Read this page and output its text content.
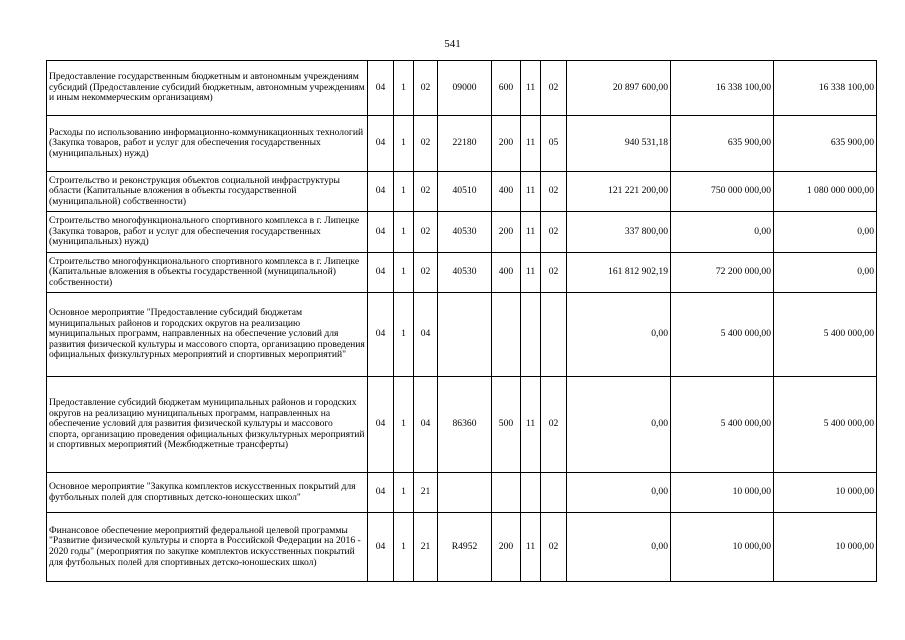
541
Предоставление государственным бюджетным и автономным учреждениям субсидий (Предоставление субсидий бюджетным, автономным учреждениям и иным некоммерческим организациям)	04	1	02	09000	600	11	02	20 897 600,00	16 338 100,00	16 338 100,00
Расходы по использованию информационно-коммуникационных технологий (Закупка товаров, работ и услуг для обеспечения государственных (муниципальных) нужд)	04	1	02	22180	200	11	05	940 531,18	635 900,00	635 900,00
Строительство и реконструкция объектов социальной инфраструктуры области (Капитальные вложения в объекты государственной (муниципальной) собственности)	04	1	02	40510	400	11	02	121 221 200,00	750 000 000,00	1 080 000 000,00
Строительство многофункционального спортивного комплекса в г. Липецке (Закупка товаров, работ и услуг для обеспечения государственных (муниципальных) нужд)	04	1	02	40530	200	11	02	337 800,00	0,00	0,00
Строительство многофункционального спортивного комплекса в г. Липецке (Капитальные вложения в объекты государственной (муниципальной) собственности)	04	1	02	40530	400	11	02	161 812 902,19	72 200 000,00	0,00
Основное мероприятие "Предоставление субсидий бюджетам муниципальных районов и городских округов на реализацию муниципальных программ, направленных на обеспечение условий для развития физической культуры и массового спорта, организацию проведения официальных физкультурных мероприятий и спортивных мероприятий"	04	1	04					0,00	5 400 000,00	5 400 000,00
Предоставление субсидий бюджетам муниципальных районов и городских округов на реализацию муниципальных программ, направленных на обеспечение условий для развития физической культуры и массового спорта, организацию проведения официальных физкультурных мероприятий и спортивных мероприятий (Межбюджетные трансферты)	04	1	04	86360	500	11	02	0,00	5 400 000,00	5 400 000,00
Основное мероприятие "Закупка комплектов искусственных покрытий для футбольных полей для спортивных детско-юношеских школ"	04	1	21					0,00	10 000,00	10 000,00
Финансовое обеспечение мероприятий федеральной целевой программы "Развитие физической культуры и спорта в Российской Федерации на 2016 - 2020 годы" (мероприятия по закупке комплектов искусственных покрытий для футбольных полей для спортивных детско-юношеских школ)	04	1	21	R4952	200	11	02	0,00	10 000,00	10 000,00
